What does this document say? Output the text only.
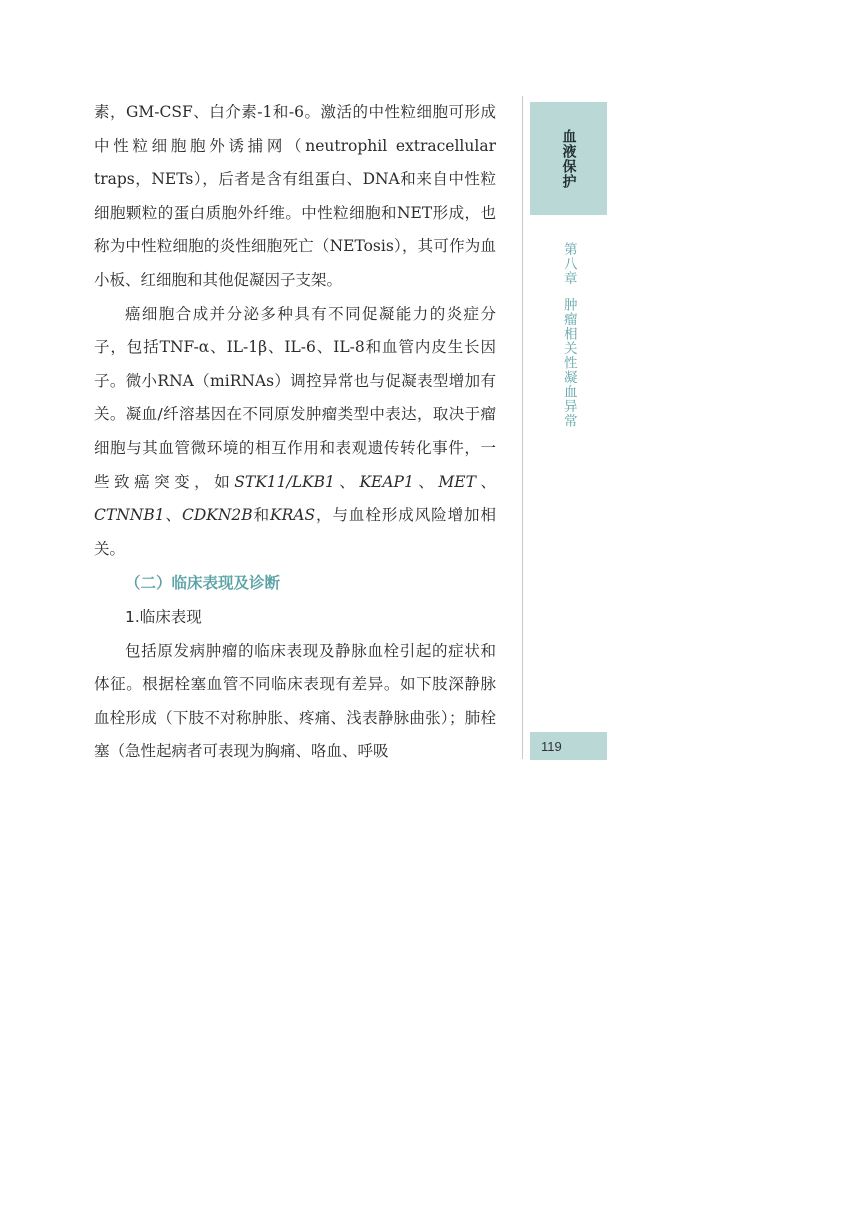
素，GM-CSF、白介素-1和-6。激活的中性粒细胞可形成中性粒细胞胞外诱捕网（neutrophil extracellular traps，NETs），后者是含有组蛋白、DNA和来自中性粒细胞颗粒的蛋白质胞外纤维。中性粒细胞和NET形成，也称为中性粒细胞的炎性细胞死亡（NETosis），其可作为血小板、红细胞和其他促凝因子支架。

癌细胞合成并分泌多种具有不同促凝能力的炎症分子，包括TNF-α、IL-1β、IL-6、IL-8和血管内皮生长因子。微小RNA（miRNAs）调控异常也与促凝表型增加有关。凝血/纤溶基因在不同原发肿瘤类型中表达，取决于瘤细胞与其血管微环境的相互作用和表观遗传转化事件，一些致癌突变，如STK11/LKB1、KEAP1、MET、CTNNB1、CDKN2B和KRAS，与血栓形成风险增加相关。

（二）临床表现及诊断

1.临床表现

包括原发病肿瘤的临床表现及静脉血栓引起的症状和体征。根据栓塞血管不同临床表现有差异。如下肢深静脉血栓形成（下肢不对称肿胀、疼痛、浅表静脉曲张）；肺栓塞（急性起病者可表现为胸痛、咯血、呼吸

血液保护
第八章肿瘤相关性凝血异常
119
